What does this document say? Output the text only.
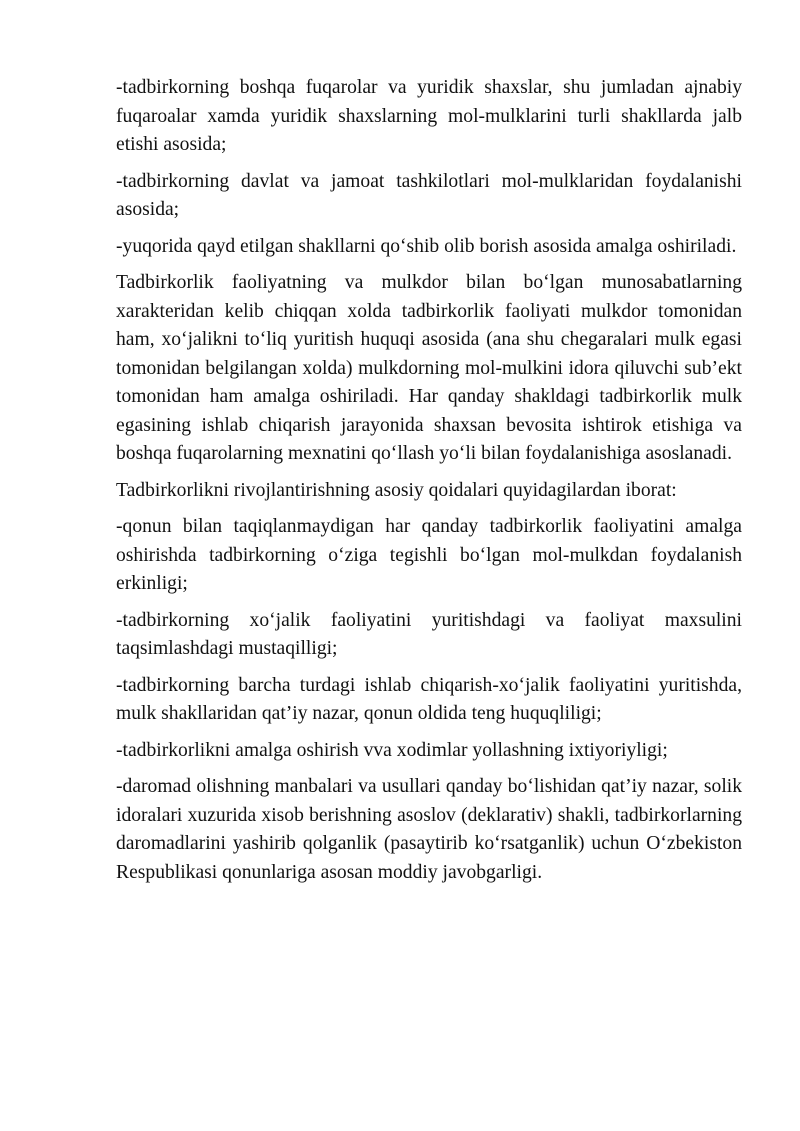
-tadbirkorning boshqa fuqarolar va yuridik shaxslar, shu jumladan ajnabiy fuqaroalar xamda yuridik shaxslarning mol-mulklarini turli shakllarda jalb etishi asosida;

-tadbirkorning davlat va jamoat tashkilotlari mol-mulklaridan foydalanishi asosida;

-yuqorida qayd etilgan shakllarni qo‘shib olib borish asosida amalga oshiriladi.

Tadbirkorlik faoliyatning va mulkdor bilan bo‘lgan munosabatlarning xarakteridan kelib chiqqan xolda tadbirkorlik faoliyati mulkdor tomonidan ham, xo‘jalikni to‘liq yuritish huquqi asosida (ana shu chegaralari mulk egasi tomonidan belgilangan xolda) mulkdorning mol-mulkini idora qiluvchi sub’ekt tomonidan ham amalga oshiriladi. Har qanday shakldagi tadbirkorlik mulk egasining ishlab chiqarish jarayonida shaxsan bevosita ishtirok etishiga va boshqa fuqarolarning mexnatini qo‘llash yo‘li bilan foydalanishiga asoslanadi.

Tadbirkorlikni rivojlantirishning asosiy qoidalari quyidagilardan iborat:

-qonun bilan taqiqlanmaydigan har qanday tadbirkorlik faoliyatini amalga oshirishda tadbirkorning o‘ziga tegishli bo‘lgan mol-mulkdan foydalanish erkinligi;

-tadbirkorning xo‘jalik faoliyatini yuritishdagi va faoliyat maxsulini taqsimlashdagi mustaqilligi;

-tadbirkorning barcha turdagi ishlab chiqarish-xo‘jalik faoliyatini yuritishda, mulk shakllaridan qat’iy nazar, qonun oldida teng huquqliligi;

-tadbirkorlikni amalga oshirish vva xodimlar yollashning ixtiyoriyligi;

-daromad olishning manbalari va usullari qanday bo‘lishidan qat’iy nazar, solik idoralari xuzurida xisob berishning asoslov (deklarativ) shakli, tadbirkorlarning daromadlarini yashirib qolganlik (pasaytirib ko‘rsatganlik) uchun O‘zbekiston Respublikasi qonunlariga asosan moddiy javobgarligi.
